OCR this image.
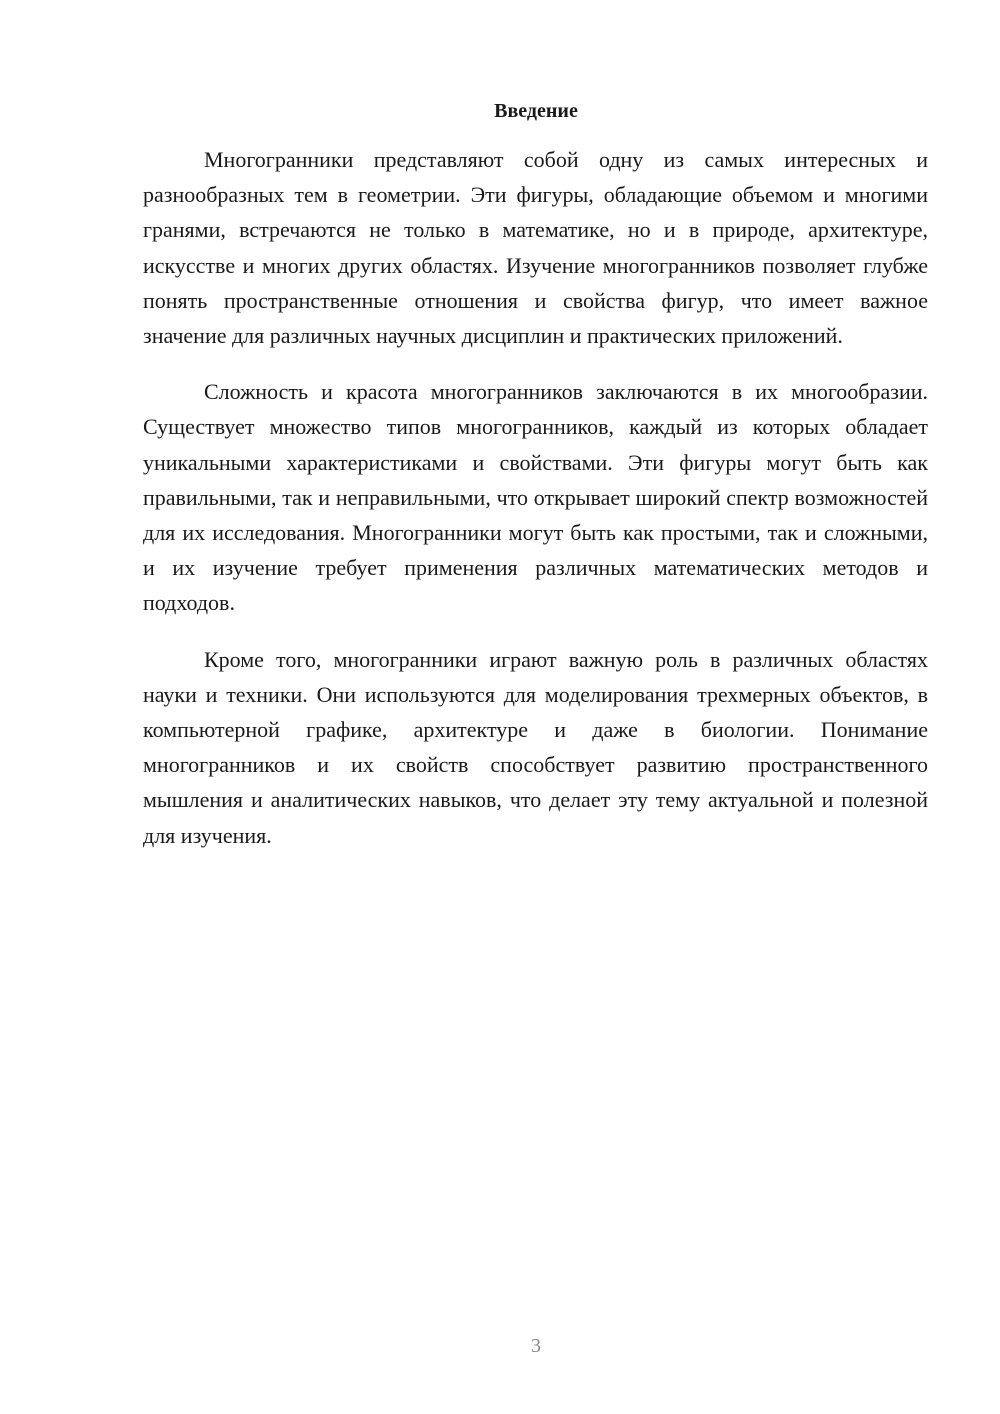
Введение

Многогранники представляют собой одну из самых интересных и разнообразных тем в геометрии. Эти фигуры, обладающие объемом и многими гранями, встречаются не только в математике, но и в природе, архитектуре, искусстве и многих других областях. Изучение многогранников позволяет глубже понять пространственные отношения и свойства фигур, что имеет важное значение для различных научных дисциплин и практических приложений.

Сложность и красота многогранников заключаются в их многообразии. Существует множество типов многогранников, каждый из которых обладает уникальными характеристиками и свойствами. Эти фигуры могут быть как правильными, так и неправильными, что открывает широкий спектр возможностей для их исследования. Многогранники могут быть как простыми, так и сложными, и их изучение требует применения различных математических методов и подходов.

Кроме того, многогранники играют важную роль в различных областях науки и техники. Они используются для моделирования трехмерных объектов, в компьютерной графике, архитектуре и даже в биологии. Понимание многогранников и их свойств способствует развитию пространственного мышления и аналитических навыков, что делает эту тему актуальной и полезной для изучения.

3
